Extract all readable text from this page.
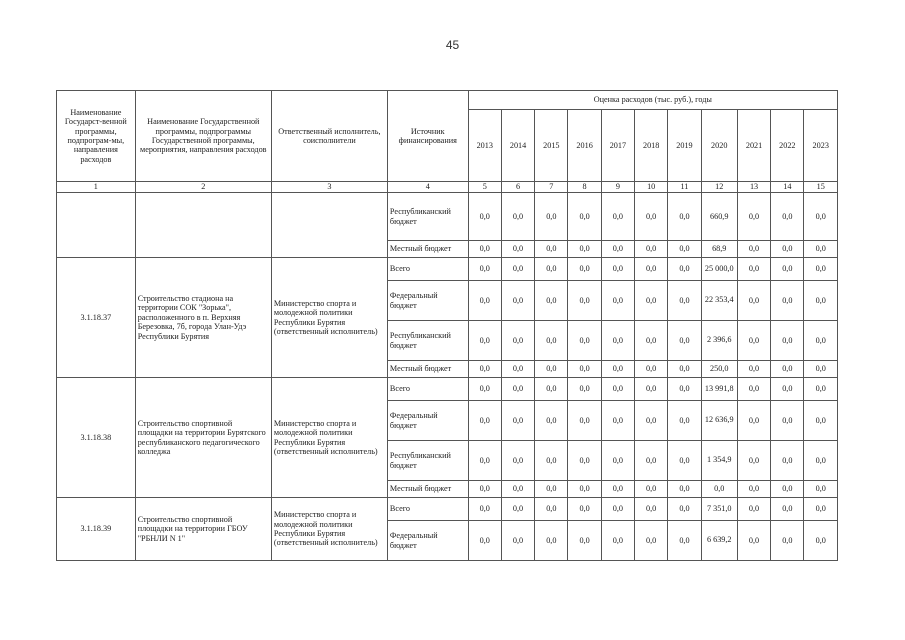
45
Наименование Государст-венной программы, подпрограм-мы, направления расходов	Наименование Государственной программы, подпрограммы Государственной программы, мероприятия, направления расходов	Ответственный исполнитель, соисполнители	Источник финансирования	Оценка расходов (тыс. руб.), годы										
				2013	2014	2015	2016	2017	2018	2019	2020	2021	2022	2023
1	2	3	4	5	6	7	8	9	10	11	12	13	14	15
			Республиканский бюджет	0,0	0,0	0,0	0,0	0,0	0,0	0,0	660,9	0,0	0,0	0,0
			Местный бюджет	0,0	0,0	0,0	0,0	0,0	0,0	0,0	68,9	0,0	0,0	0,0
3.1.18.37	Строительство стадиона на территории СОК "Зорька", расположенного в п. Верхняя Березовка, 7б, города Улан-Удэ Республики Бурятия	Министерство спорта и молодежной политики Республики Бурятия (ответственный исполнитель)	Всего	0,0	0,0	0,0	0,0	0,0	0,0	0,0	25 000,0	0,0	0,0	0,0
			Федеральный бюджет	0,0	0,0	0,0	0,0	0,0	0,0	0,0	22 353,4	0,0	0,0	0,0
			Республиканский бюджет	0,0	0,0	0,0	0,0	0,0	0,0	0,0	2 396,6	0,0	0,0	0,0
			Местный бюджет	0,0	0,0	0,0	0,0	0,0	0,0	0,0	250,0	0,0	0,0	0,0
3.1.18.38	Строительство спортивной площадки на территории Бурятского республиканского педагогического колледжа	Министерство спорта и молодежной политики Республики Бурятия (ответственный исполнитель)	Всего	0,0	0,0	0,0	0,0	0,0	0,0	0,0	13 991,8	0,0	0,0	0,0
			Федеральный бюджет	0,0	0,0	0,0	0,0	0,0	0,0	0,0	12 636,9	0,0	0,0	0,0
			Республиканский бюджет	0,0	0,0	0,0	0,0	0,0	0,0	0,0	1 354,9	0,0	0,0	0,0
			Местный бюджет	0,0	0,0	0,0	0,0	0,0	0,0	0,0	0,0	0,0	0,0	0,0
3.1.18.39	Строительство спортивной площадки на территории ГБОУ "РБНЛИ N 1"	Министерство спорта и молодежной политики Республики Бурятия (ответственный исполнитель)	Всего	0,0	0,0	0,0	0,0	0,0	0,0	0,0	7 351,0	0,0	0,0	0,0
			Федеральный бюджет	0,0	0,0	0,0	0,0	0,0	0,0	0,0	6 639,2	0,0	0,0	0,0
